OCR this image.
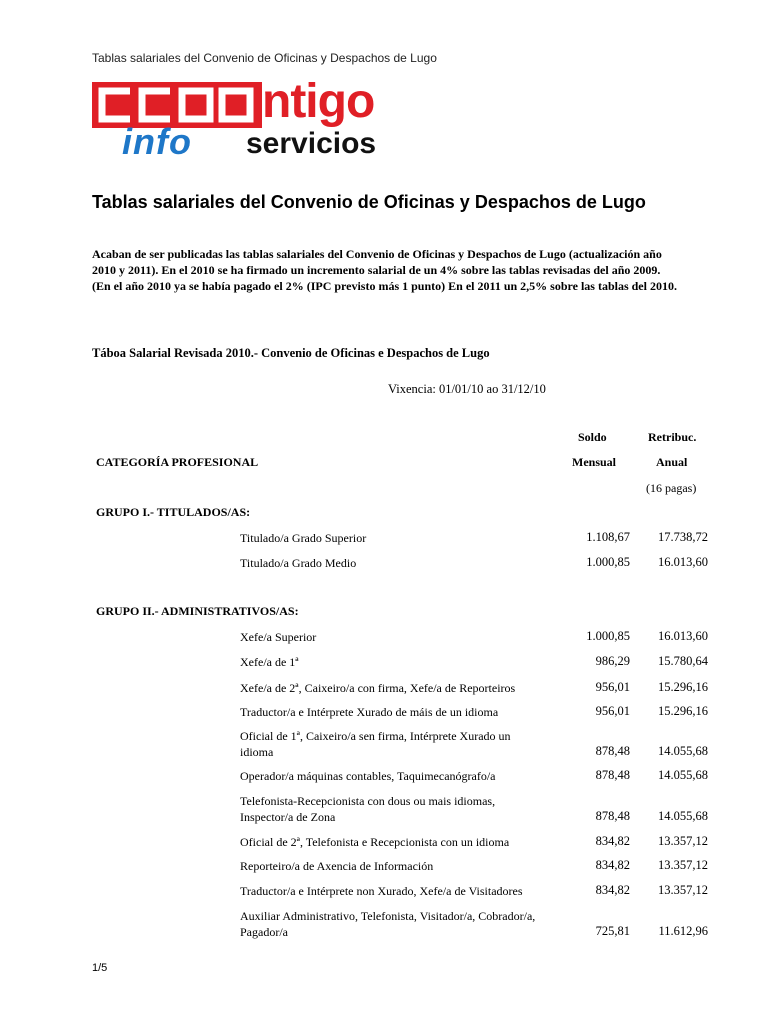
Tablas salariales del Convenio de Oficinas y Despachos de Lugo
ntigo
info servicios
Tablas salariales del Convenio de Oficinas y Despachos de Lugo
Acaban de ser publicadas las tablas salariales del Convenio de Oficinas y Despachos de Lugo (actualización año 2010 y 2011). En el 2010 se ha firmado un incremento salarial de un 4% sobre las tablas revisadas del año 2009. (En el año 2010 ya se había pagado el 2% (IPC previsto más 1 punto) En el 2011 un 2,5% sobre las tablas del 2010.
Táboa Salarial Revisada 2010.- Convenio de Oficinas e Despachos de Lugo
Vixencia: 01/01/10 ao 31/12/10
Soldo	Retribuc.
CATEGORÍA PROFESIONAL	Mensual	Anual
(16 pagas)
GRUPO I.- TITULADOS/AS:
Titulado/a Grado Superior	1.108,67	17.738,72
Titulado/a Grado Medio	1.000,85	16.013,60
GRUPO II.- ADMINISTRATIVOS/AS:
Xefe/a Superior	1.000,85	16.013,60
Xefe/a de 1ª	986,29	15.780,64
Xefe/a de 2ª, Caixeiro/a con firma, Xefe/a de Reporteiros	956,01	15.296,16
Traductor/a e Intérprete Xurado de máis de un idioma	956,01	15.296,16
Oficial de 1ª, Caixeiro/a sen firma, Intérprete Xurado un idioma	878,48	14.055,68
Operador/a máquinas contables, Taquimecanógrafo/a	878,48	14.055,68
Telefonista-Recepcionista con dous ou mais idiomas, Inspector/a de Zona	878,48	14.055,68
Oficial de 2ª, Telefonista e Recepcionista con un idioma	834,82	13.357,12
Reporteiro/a de Axencia de Información	834,82	13.357,12
Traductor/a e Intérprete non Xurado, Xefe/a de Visitadores	834,82	13.357,12
Auxiliar Administrativo, Telefonista, Visitador/a, Cobrador/a, Pagador/a	725,81	11.612,96
1/5
